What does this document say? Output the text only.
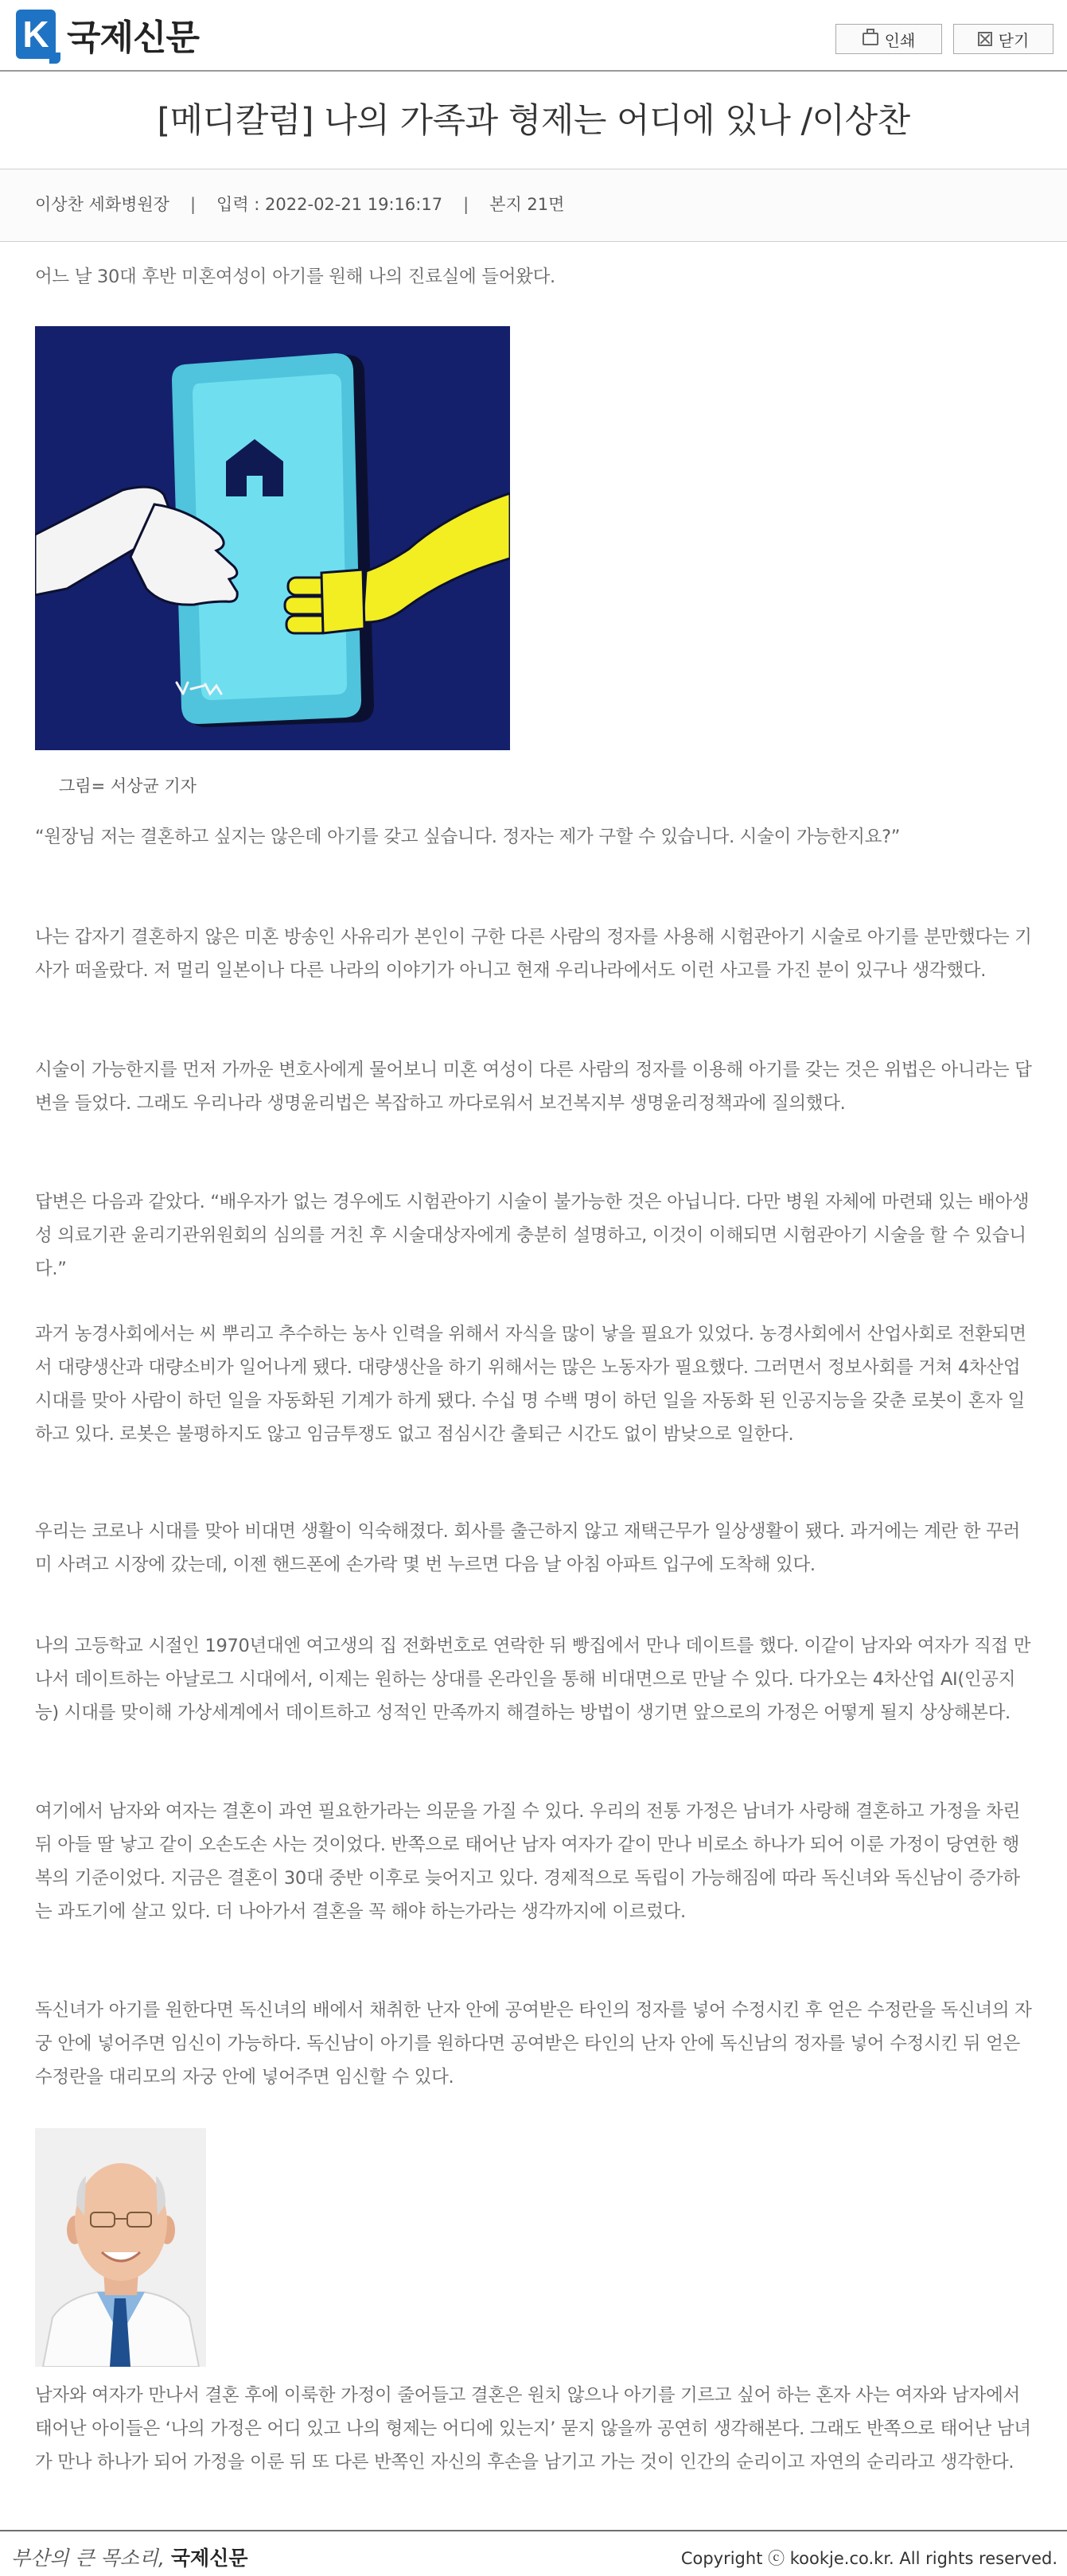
K 국제신문	인쇄	닫기
[메디칼럼] 나의 가족과 형제는 어디에 있나 /이상찬
이상찬 세화병원장 | 입력 : 2022-02-21 19:16:17 | 본지 21면

어느 날 30대 후반 미혼여성이 아기를 원해 나의 진료실에 들어왔다.

그림= 서상균 기자

“원장님 저는 결혼하고 싶지는 않은데 아기를 갖고 싶습니다. 정자는 제가 구할 수 있습니다. 시술이 가능한지요?”

나는 갑자기 결혼하지 않은 미혼 방송인 사유리가 본인이 구한 다른 사람의 정자를 사용해 시험관아기 시술로 아기를 분만했다는 기사가 떠올랐다. 저 멀리 일본이나 다른 나라의 이야기가 아니고 현재 우리나라에서도 이런 사고를 가진 분이 있구나 생각했다.

시술이 가능한지를 먼저 가까운 변호사에게 물어보니 미혼 여성이 다른 사람의 정자를 이용해 아기를 갖는 것은 위법은 아니라는 답변을 들었다. 그래도 우리나라 생명윤리법은 복잡하고 까다로워서 보건복지부 생명윤리정책과에 질의했다.

답변은 다음과 같았다. “배우자가 없는 경우에도 시험관아기 시술이 불가능한 것은 아닙니다. 다만 병원 자체에 마련돼 있는 배아생성 의료기관 윤리기관위원회의 심의를 거친 후 시술대상자에게 충분히 설명하고, 이것이 이해되면 시험관아기 시술을 할 수 있습니다.”

과거 농경사회에서는 씨 뿌리고 추수하는 농사 인력을 위해서 자식을 많이 낳을 필요가 있었다. 농경사회에서 산업사회로 전환되면서 대량생산과 대량소비가 일어나게 됐다. 대량생산을 하기 위해서는 많은 노동자가 필요했다. 그러면서 정보사회를 거쳐 4차산업 시대를 맞아 사람이 하던 일을 자동화된 기계가 하게 됐다. 수십 명 수백 명이 하던 일을 자동화 된 인공지능을 갖춘 로봇이 혼자 일하고 있다. 로봇은 불평하지도 않고 임금투쟁도 없고 점심시간 출퇴근 시간도 없이 밤낮으로 일한다.

우리는 코로나 시대를 맞아 비대면 생활이 익숙해졌다. 회사를 출근하지 않고 재택근무가 일상생활이 됐다. 과거에는 계란 한 꾸러미 사려고 시장에 갔는데, 이젠 핸드폰에 손가락 몇 번 누르면 다음 날 아침 아파트 입구에 도착해 있다.

나의 고등학교 시절인 1970년대엔 여고생의 집 전화번호로 연락한 뒤 빵집에서 만나 데이트를 했다. 이같이 남자와 여자가 직접 만나서 데이트하는 아날로그 시대에서, 이제는 원하는 상대를 온라인을 통해 비대면으로 만날 수 있다. 다가오는 4차산업 AI(인공지능) 시대를 맞이해 가상세계에서 데이트하고 성적인 만족까지 해결하는 방법이 생기면 앞으로의 가정은 어떻게 될지 상상해본다.

여기에서 남자와 여자는 결혼이 과연 필요한가라는 의문을 가질 수 있다. 우리의 전통 가정은 남녀가 사랑해 결혼하고 가정을 차린 뒤 아들 딸 낳고 같이 오손도손 사는 것이었다. 반쪽으로 태어난 남자 여자가 같이 만나 비로소 하나가 되어 이룬 가정이 당연한 행복의 기준이었다. 지금은 결혼이 30대 중반 이후로 늦어지고 있다. 경제적으로 독립이 가능해짐에 따라 독신녀와 독신남이 증가하는 과도기에 살고 있다. 더 나아가서 결혼을 꼭 해야 하는가라는 생각까지에 이르렀다.

독신녀가 아기를 원한다면 독신녀의 배에서 채취한 난자 안에 공여받은 타인의 정자를 넣어 수정시킨 후 얻은 수정란을 독신녀의 자궁 안에 넣어주면 임신이 가능하다. 독신남이 아기를 원하다면 공여받은 타인의 난자 안에 독신남의 정자를 넣어 수정시킨 뒤 얻은 수정란을 대리모의 자궁 안에 넣어주면 임신할 수 있다.

남자와 여자가 만나서 결혼 후에 이룩한 가정이 줄어들고 결혼은 원치 않으나 아기를 기르고 싶어 하는 혼자 사는 여자와 남자에서 태어난 아이들은 ‘나의 가정은 어디 있고 나의 형제는 어디에 있는지’ 묻지 않을까 공연히 생각해본다. 그래도 반쪽으로 태어난 남녀가 만나 하나가 되어 가정을 이룬 뒤 또 다른 반쪽인 자신의 후손을 남기고 가는 것이 인간의 순리이고 자연의 순리라고 생각한다.

부산의 큰 목소리, 국제신문	Copyright ⓒ kookje.co.kr. All rights reserved.
